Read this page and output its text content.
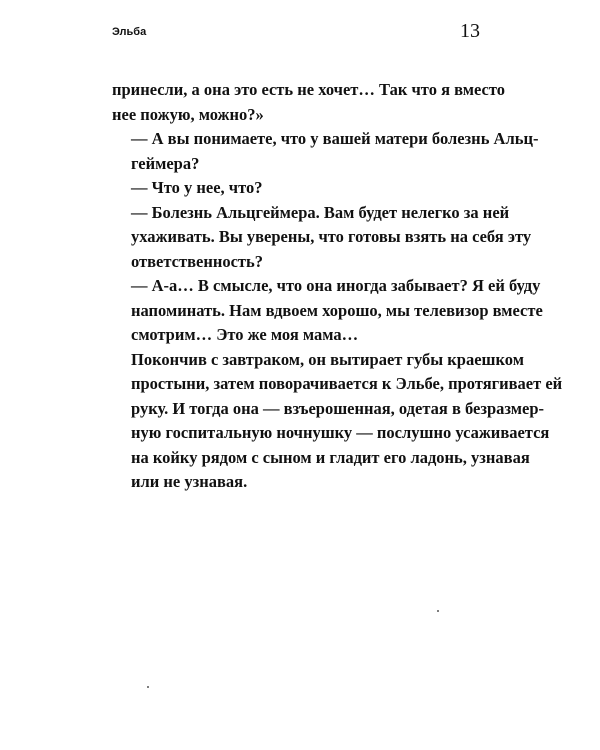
Эльба	13
принесли, а она это есть не хочет… Так что я вместо
нее пожую, можно?»
— А вы понимаете, что у вашей матери болезнь Альц-
геймера?
— Что у нее, что?
— Болезнь Альцгеймера. Вам будет нелегко за ней
ухаживать. Вы уверены, что готовы взять на себя эту
ответственность?
— А-а… В смысле, что она иногда забывает? Я ей буду
напоминать. Нам вдвоем хорошо, мы телевизор вместе
смотрим… Это же моя мама…
Покончив с завтраком, он вытирает губы краешком
простыни, затем поворачивается к Эльбе, протягивает ей
руку. И тогда она — взъерошенная, одетая в безразмер-
ную госпитальную ночнушку — послушно усаживается
на койку рядом с сыном и гладит его ладонь, узнавая
или не узнавая.
